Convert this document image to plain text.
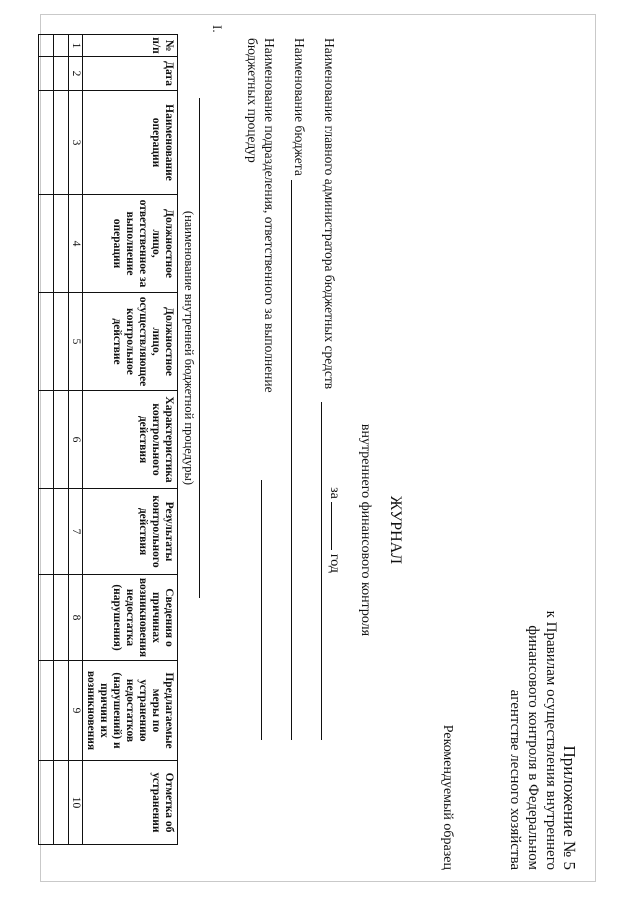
Приложение № 5
к Правилам осуществления внутреннего
финансового контроля в Федеральном
агентстве лесного хозяйства
Рекомендуемый образец
ЖУРНАЛ
внутреннего финансового контроля
за  год
Наименование главного администратора бюджетных средств
Наименование бюджета
Наименование подразделения, ответственного за выполнение
бюджетных процедур
I.
(наименование внутренней бюджетной процедуры)
№ п/п	Дата	Наименование операции	Должностное лицо, ответственное за выполнение операции	Должностное лицо, осуществляющее контрольное действие	Характеристика контрольного действия	Результаты контрольного действия	Сведения о причинах возникновения недостатка (нарушения)	Предлагаемые меры по устранению недостатков (нарушений) и причин их возникновения	Отметка об устранении
1	2	3	4	5	6	7	8	9	10
